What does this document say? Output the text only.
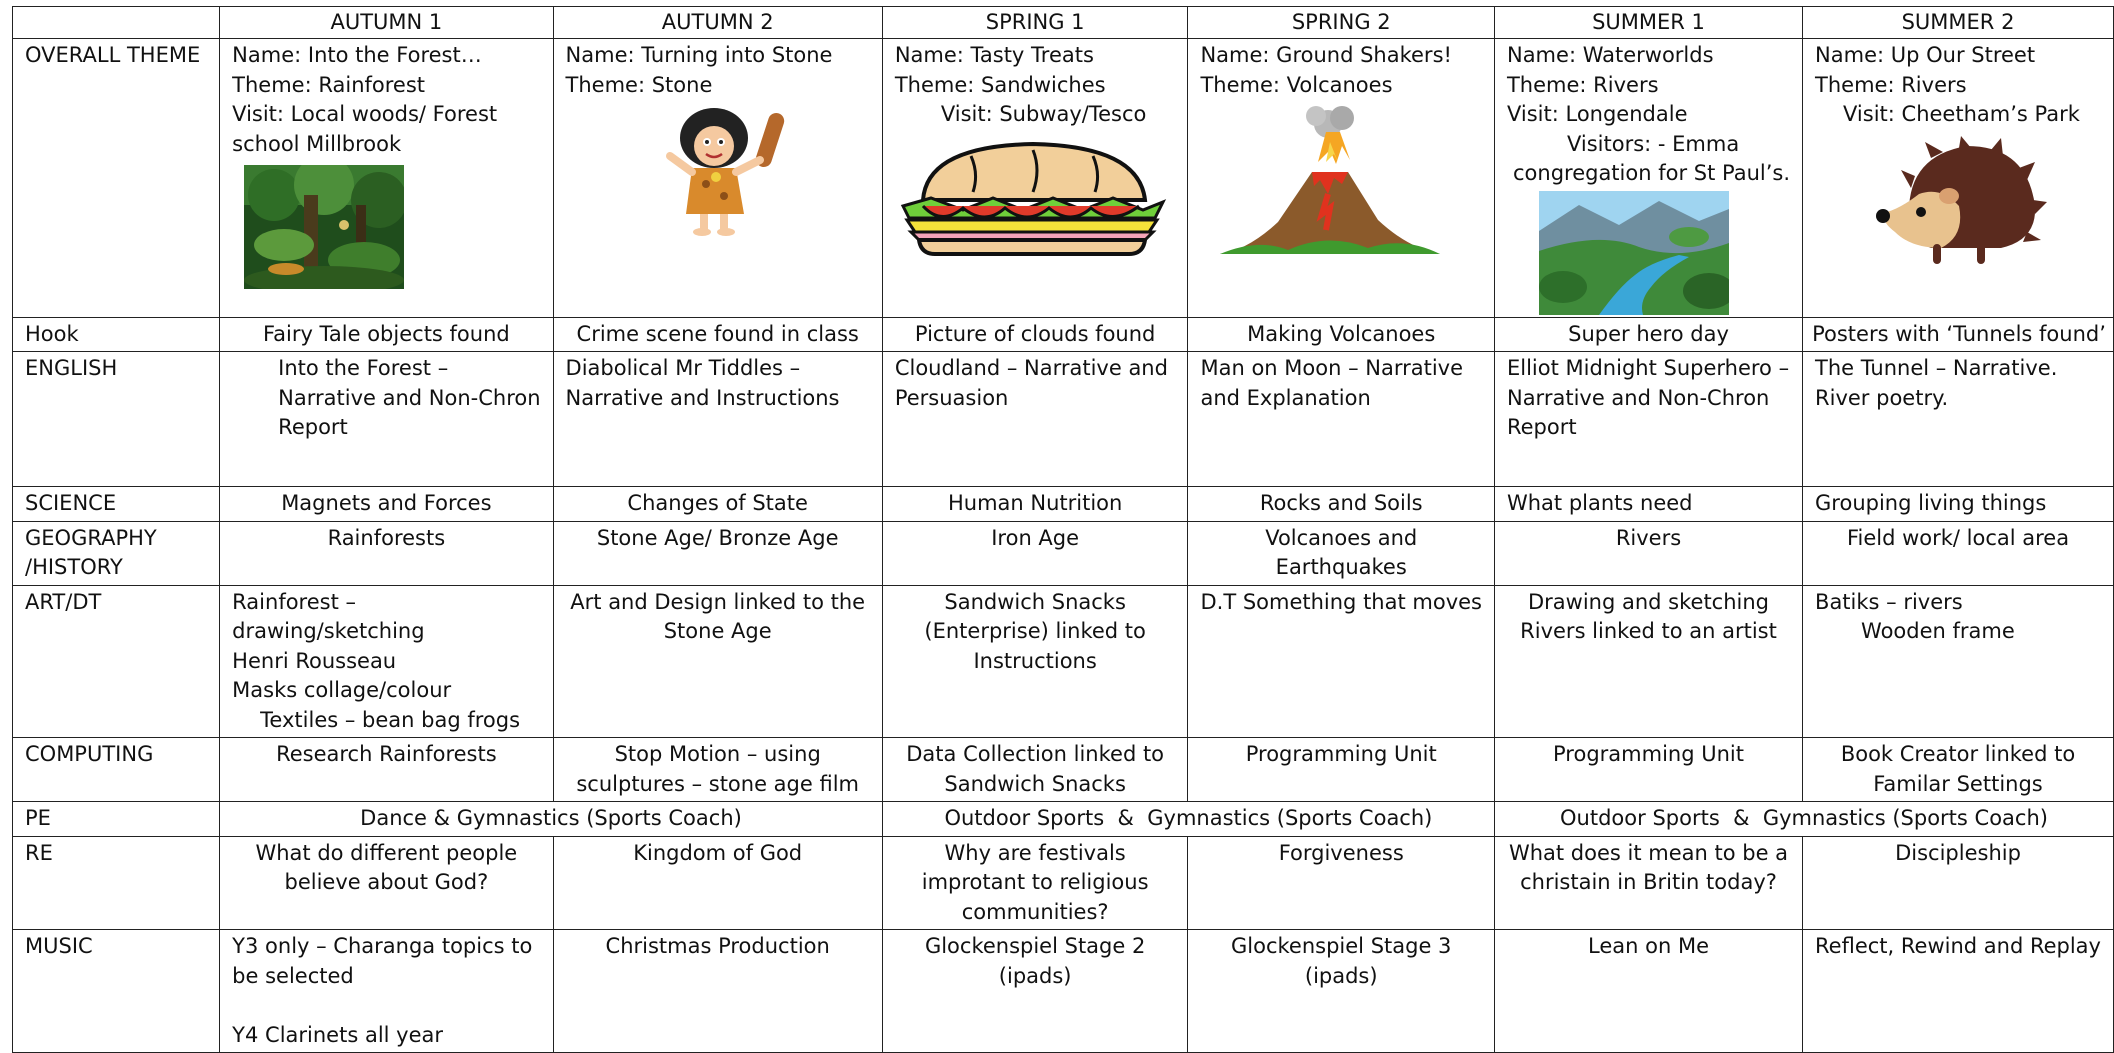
	AUTUMN 1	AUTUMN 2	SPRING 1	SPRING 2	SUMMER 1	SUMMER 2
OVERALL THEME	Name: Into the Forest…
Theme: Rainforest
Visit: Local woods/ Forest
school Millbrook	Name: Turning into Stone
Theme: Stone	Name: Tasty Treats
Theme: Sandwiches
Visit: Subway/Tesco	Name: Ground Shakers!
Theme: Volcanoes	Name: Waterworlds
Theme: Rivers
Visit: Longendale
Visitors: - Emma
congregation for St Paul’s.	Name: Up Our Street
Theme: Rivers
Visit: Cheetham’s Park

Hook	Fairy Tale objects found	Crime scene found in class	Picture of clouds found	Making Volcanoes	Super hero day	Posters with ‘Tunnels found’
ENGLISH	Into the Forest –
Narrative and Non-Chron
Report	Diabolical Mr Tiddles –
Narrative and Instructions	Cloudland – Narrative and
Persuasion	Man on Moon – Narrative
and Explanation	Elliot Midnight Superhero –
Narrative and Non-Chron
Report	The Tunnel – Narrative.
River poetry.

SCIENCE	Magnets and Forces	Changes of State	Human Nutrition	Rocks and Soils	What plants need	Grouping living things

GEOGRAPHY
/HISTORY	Rainforests	Stone Age/ Bronze Age	Iron Age	Volcanoes and Earthquakes	Rivers	Field work/ local area
ART/DT	Rainforest –
drawing/sketching
Henri Rousseau
Masks collage/colour
Textiles – bean bag frogs	Art and Design linked to the
Stone Age	Sandwich Snacks
(Enterprise) linked to
Instructions	D.T Something that moves	Drawing and sketching
Rivers linked to an artist	Batiks – rivers
Wooden frame

COMPUTING	Research Rainforests	Stop Motion – using
sculptures – stone age film	Data Collection linked to
Sandwich Snacks	Programming Unit	Programming Unit	Book Creator linked to
Familar Settings

PE	Dance & Gymnastics (Sports Coach)		Outdoor Sports  &  Gymnastics (Sports Coach)		Outdoor Sports  &  Gymnastics (Sports Coach)	
RE	What do different people
believe about God?	Kingdom of God	Why are festivals
improtant to religious
communities?	Forgiveness	What does it mean to be a
christain in Britin today?	Discipleship

MUSIC	Y3 only – Charanga topics to
be selected
Y4 Clarinets all year	Christmas Production	Glockenspiel Stage 2
(ipads)	Glockenspiel Stage 3
(ipads)	Lean on Me	Reflect, Rewind and Replay
